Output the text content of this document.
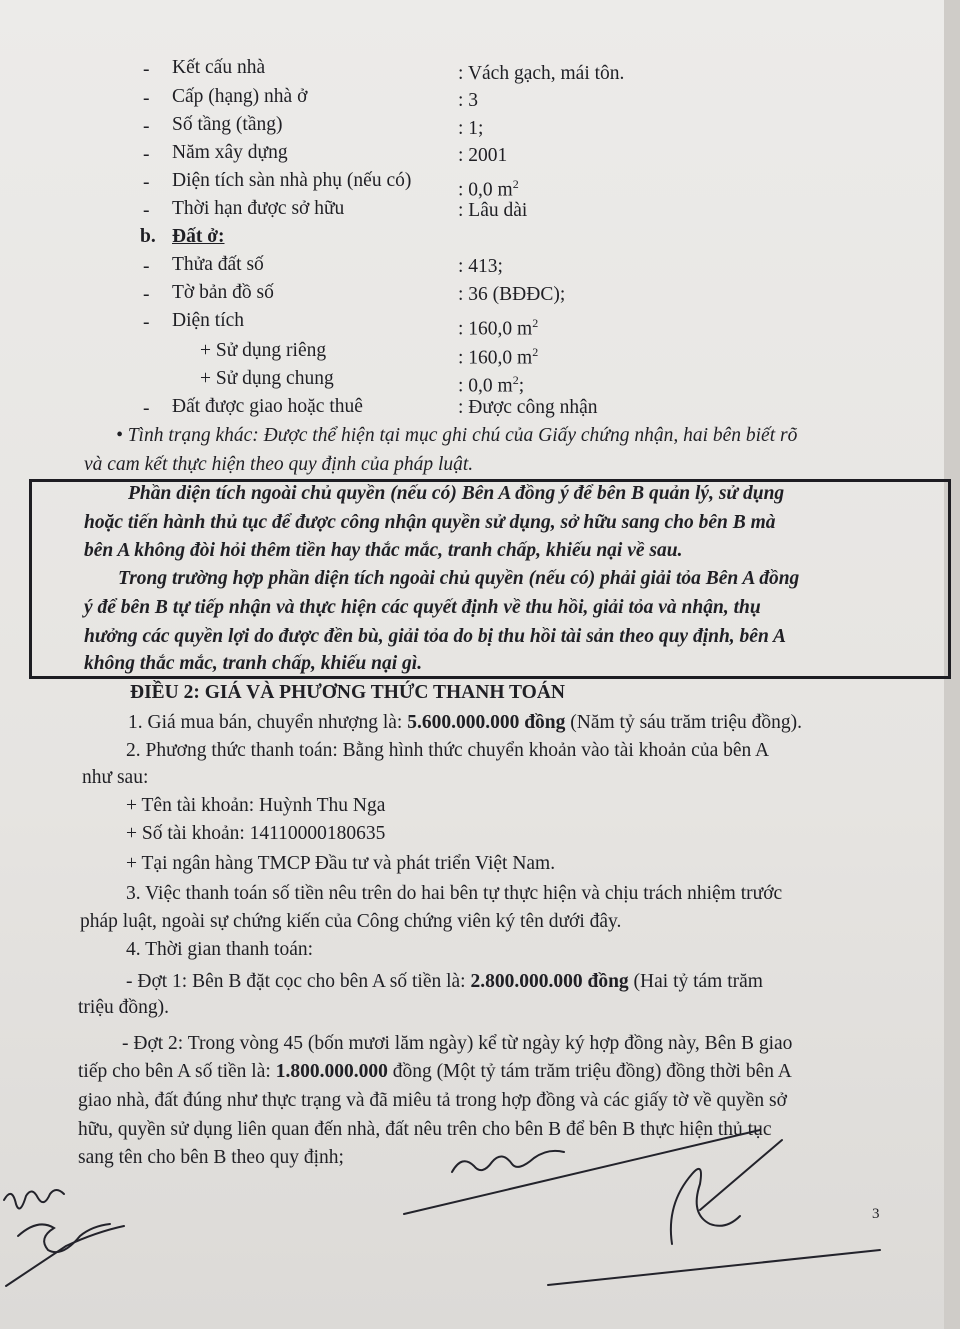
- Kết cấu nhà	: Vách gạch, mái tôn.
- Cấp (hạng) nhà ở	: 3
- Số tầng (tầng)	: 1;
- Năm xây dựng	: 2001
- Diện tích sàn nhà phụ (nếu có) : 0,0 $m^2$
- Thời hạn được sở hữu	: Lâu dài
b. Đất ở:
- Thửa đất số	: 413;
- Tờ bản đồ số	: 36 (BĐĐC);
- Diện tích	: 160,0 $m^2$
+ Sử dụng riêng	: 160,0 $m^2$
+ Sử dụng chung	: 0,0 $m^2$;
- Đất được giao hoặc thuê	: Được công nhận
• Tình trạng khác: Được thể hiện tại mục ghi chú của Giấy chứng nhận, hai bên biết rõ
và cam kết thực hiện theo quy định của pháp luật.
Phần diện tích ngoài chủ quyền (nếu có) Bên A đồng ý để bên B quản lý, sử dụng
hoặc tiến hành thủ tục để được công nhận quyền sử dụng, sở hữu sang cho bên B mà
bên A không đòi hỏi thêm tiền hay thắc mắc, tranh chấp, khiếu nại về sau.
Trong trường hợp phần diện tích ngoài chủ quyền (nếu có) phải giải tỏa Bên A đồng
ý để bên B tự tiếp nhận và thực hiện các quyết định về thu hồi, giải tỏa và nhận, thụ
hưởng các quyền lợi do được đền bù, giải tỏa do bị thu hồi tài sản theo quy định, bên A
không thắc mắc, tranh chấp, khiếu nại gì.
ĐIỀU 2: GIÁ VÀ PHƯƠNG THỨC THANH TOÁN
1. Giá mua bán, chuyển nhượng là: 5.600.000.000 đồng (Năm tỷ sáu trăm triệu đồng).
2. Phương thức thanh toán: Bằng hình thức chuyển khoản vào tài khoản của bên A
như sau:
+ Tên tài khoản: Huỳnh Thu Nga
+ Số tài khoản: 14110000180635
+ Tại ngân hàng TMCP Đầu tư và phát triển Việt Nam.
3. Việc thanh toán số tiền nêu trên do hai bên tự thực hiện và chịu trách nhiệm trước
pháp luật, ngoài sự chứng kiến của Công chứng viên ký tên dưới đây.
4. Thời gian thanh toán:
- Đợt 1: Bên B đặt cọc cho bên A số tiền là: 2.800.000.000 đồng (Hai tỷ tám trăm
triệu đồng).
- Đợt 2: Trong vòng 45 (bốn mươi lăm ngày) kể từ ngày ký hợp đồng này, Bên B giao
tiếp cho bên A số tiền là: 1.800.000.000 đồng (Một tỷ tám trăm triệu đồng) đồng thời bên A
giao nhà, đất đúng như thực trạng và đã miêu tả trong hợp đồng và các giấy tờ về quyền sở
hữu, quyền sử dụng liên quan đến nhà, đất nêu trên cho bên B để bên B thực hiện thủ tục
sang tên cho bên B theo quy định;
3
